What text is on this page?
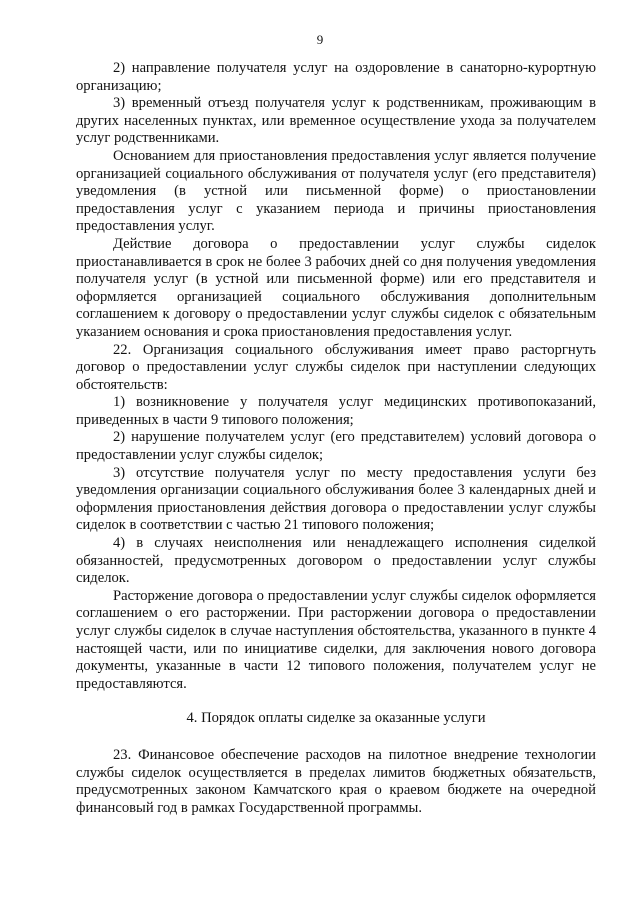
9

2) направление получателя услуг на оздоровление в санаторно-курортную организацию;

3) временный отъезд получателя услуг к родственникам, проживающим в других населенных пунктах, или временное осуществление ухода за получателем услуг родственниками.

Основанием для приостановления предоставления услуг является получение организацией социального обслуживания от получателя услуг (его представителя) уведомления (в устной или письменной форме) о приостановлении предоставления услуг с указанием периода и причины приостановления предоставления услуг.

Действие договора о предоставлении услуг службы сиделок приостанавливается в срок не более 3 рабочих дней со дня получения уведомления получателя услуг (в устной или письменной форме) или его представителя и оформляется организацией социального обслуживания дополнительным соглашением к договору о предоставлении услуг службы сиделок с обязательным указанием основания и срока приостановления предоставления услуг.

22. Организация социального обслуживания имеет право расторгнуть договор о предоставлении услуг службы сиделок при наступлении следующих обстоятельств:

1) возникновение у получателя услуг медицинских противопоказаний, приведенных в части 9 типового положения;

2) нарушение получателем услуг (его представителем) условий договора о предоставлении услуг службы сиделок;

3) отсутствие получателя услуг по месту предоставления услуги без уведомления организации социального обслуживания более 3 календарных дней и оформления приостановления действия договора о предоставлении услуг службы сиделок в соответствии с частью 21 типового положения;

4) в случаях неисполнения или ненадлежащего исполнения сиделкой обязанностей, предусмотренных договором о предоставлении услуг службы сиделок.

Расторжение договора о предоставлении услуг службы сиделок оформляется соглашением о его расторжении. При расторжении договора о предоставлении услуг службы сиделок в случае наступления обстоятельства, указанного в пункте 4 настоящей части, или по инициативе сиделки, для заключения нового договора документы, указанные в части 12 типового положения, получателем услуг не предоставляются.

4. Порядок оплаты сиделке за оказанные услуги

23. Финансовое обеспечение расходов на пилотное внедрение технологии службы сиделок осуществляется в пределах лимитов бюджетных обязательств, предусмотренных законом Камчатского края о краевом бюджете на очередной финансовый год в рамках Государственной программы.
